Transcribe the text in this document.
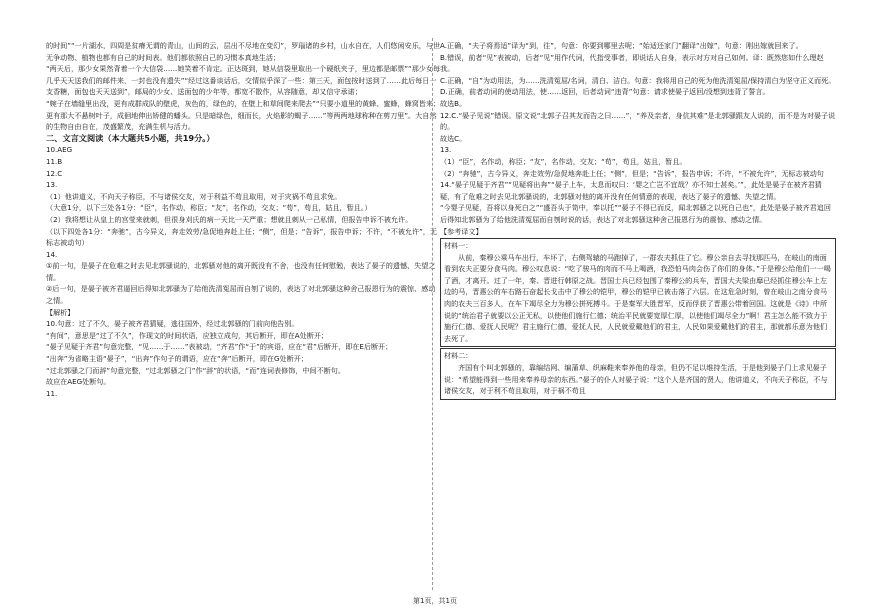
的时间”“一片湖水，四周是贫瘠无谓的青山，山间的云，层出不尽地在变幻”，罗瑙诸的乡村，山水自在，人们悠闲安乐，与世无争动物、植物也都有自己的时间表。他们都依照自己的习惯本真地生活；
“两天后，那少女果然背着一个大信袋……她笑着不肯定。正达斑到，她从信袋里取出一个硬纸夹子，里边都是邮票”“那少女每几乎天天送我们的邮件来，一封也没有遗失”“经过这番谈话后，交情似乎深了一些：第三天，面包按时送到了……此后每日一支香糖，面包也天天送到”，邮局的少女、送面包的少年等，都宽不散作，从容随意，却又信守承诺；
“婉子在墙缝里出没，更有成群成队的壁虎，灰色的，绿色的，在壁上和草间爬来爬去”“只要小道里的黄蜂、蜜蜂，蜂窝皆来；更有那大不悬树叶子，成徊地伸出矫健的蟠头。只是暗绿色，细而长，火焰影的蝎子……”等两两地球称种在剪刀里”。大自然的生物自由自在，茂盛繁茂，充满生机与活力。
二、文言文阅读（本大题共5小题，共19分。）
10.AEG
11.B
12.C
13.
（1）他讲道义，不向天子称臣，不与诸侯交友，对于利益不苟且取用，对于灾祸不苟且求免。
（大意1分，以下三处各1分：“臣”，名作动，称臣；“友”，名作动，交友；“苟”，苟且，姑且，暂且。）
（2）我将想让从皇上的宫莹来就刺，但很身刈氏的病一天比一天严重；想就且刺从一己私情，但报告申诉不被允许。
（以下四处各1分：“奔驰”，古今异义，奔走效劳/急促地奔赴上任；“侧”，但是；“告诉”，报告申诉；不许，“不被允许”，无标志被动句）
14.
①前一句，是晏子在危难之时去见北郭骚说的，北郭骚对他的离开既没有不舍，也没有任何慰勉，表达了晏子的遗憾、失望之情。
②后一句，是晏子被齐君逼回后得知北郭骚为了给他洗清冤屈而自刎了说的，表达了对北郭骚这种舍己报恩行为的震惊、感动之情。
【解析】
10.句意：过了不久，晏子被齐君猜疑，逃往国外，经过北郭骚的门前向他告别。
“有间”，意思是“过了不久”，作现文的时间状语，应独立成句，其后断开，即在A处断开；
“晏子见疑于齐君”句意完整，“见……于……”表被动，“齐君”作“于”的宾语，应在“君”后断开，即在E后断开；
“出奔”为省略主语“晏子”，“出奔”作句子的谓语，应在“奔”后断开，即在G处断开；
“过北郭骚之门而辞”句意完整，“过北郭骚之门”作“辞”的状语，“而”连词表修饰，中间不断句。
故应在AEG处断句。
11.
A.正确，“夫子将焉适”译为“到，往”，句意：你要到哪里去呢；“始适还家门”翻译“出嫁”，句意：刚出嫁就回来了。
B.错误，前者“见”表被动，后者“见”用作代词，代指受事者，即说话人自身，表示对方对自己如何。译：既然您如什么理赵我。
C.正确，“自”为动用法，为……洗清冤屈/名词，清白、洁白。句意：我将用自己的死为他洗清冤屈/保持清白为坚守正义而死。
D.正确，前者动词的使动用法，使……返回，后者动词“违背”句意：请求使晏子返回/没想到违背了誓言。
故选B。
12.C.“晏子见说”错误。原文说“北郭子召其友而告之曰……”，“养及亲者，身伉其难”是北郭骚跟友人说的，而不是为对晏子说的。
故选C。
13.
（1）“臣”，名作动，称臣；“友”，名作动，交友；“苟”，苟且，姑且，暂且。
（2）“奔驰”，古今异义，奔走效劳/急促地奔赴上任；“侧”，但是；“告诉”，报告申诉；不许，“不被允许”，无标志被动句
14.“晏子见疑于齐君”“见疑将出奔”“晏子上车，太息而叹曰：‘婴之亡岂不宜哉？亦不知士甚矣。’”，此处是晏子在被齐君猜疑，有了危难之时去见北郭骚说的，北郭骚对他的离开没有任何情意的表现，表达了晏子的遗憾、失望之情。
“今婴子见疑，吾将以身死白之”“盛吾头于笥中，奉以托”“晏子不得已而反，闻北郭骚之以死白己也”，此处是晏子被齐君追回后得知北郭骚为了给他洗清冤屈而自刎时说的话，表达了对北郭骚这种舍己报恩行为的震惊、感动之情。
【参考译文】
材料一：
从前，秦穆公乘马车出行，车坏了，右侧驾辕的马跑掉了，一群农夫抓住了它。穆公亲自去寻找那匹马，在岐山的南面看到农夫正要分食马肉。穆公叹息说：“吃了骏马的肉而不马上喝酒，我恐怕马肉会伤了你们的身体。”于是穆公给他们一一喝了酒，才离开。过了一年，秦、晋进行韩原之战。晋国士兵已经包围了秦穆公的兵车，晋国大夫梁由靡已经抓住穆公车上左边的马，晋惠公的车右路石奋起长戈击中了穆公的铠甲，穆公的铠甲已被击落了六层。在这危急时刻，曾在岐山之南分食马肉的农夫三百多人，在车下竭尽全力为穆公拼死搏斗。于是秦军大胜晋军，反而俘获了晋惠公带着回国。这就是《诗》中所说的“统治君子就要以公正无私，以使他们施行仁德；统治平民就要宽厚仁厚，以使他们竭尽全力”啊！君主怎么能不致力于施行仁德、爱抚人民呢？君主施行仁德，爱抚人民，人民就爱戴他们的君主，人民如果爱戴他们的君主，那就都乐意为他们去死了。
材料二：
齐国有个叫北郭骚的，靠编结网、编蒲草、织麻鞋来奉养他的母亲，但仍不足以维持生活，于是他到晏子门上求见晏子说：“希望能得到一些用来奉养母亲的东西。”晏子的仆人对晏子说：“这个人是齐国的贤人，他讲道义，不向天子称臣，不与诸侯交友，对于利不苟且取用，对于祸不苟且
第1页，共1页
